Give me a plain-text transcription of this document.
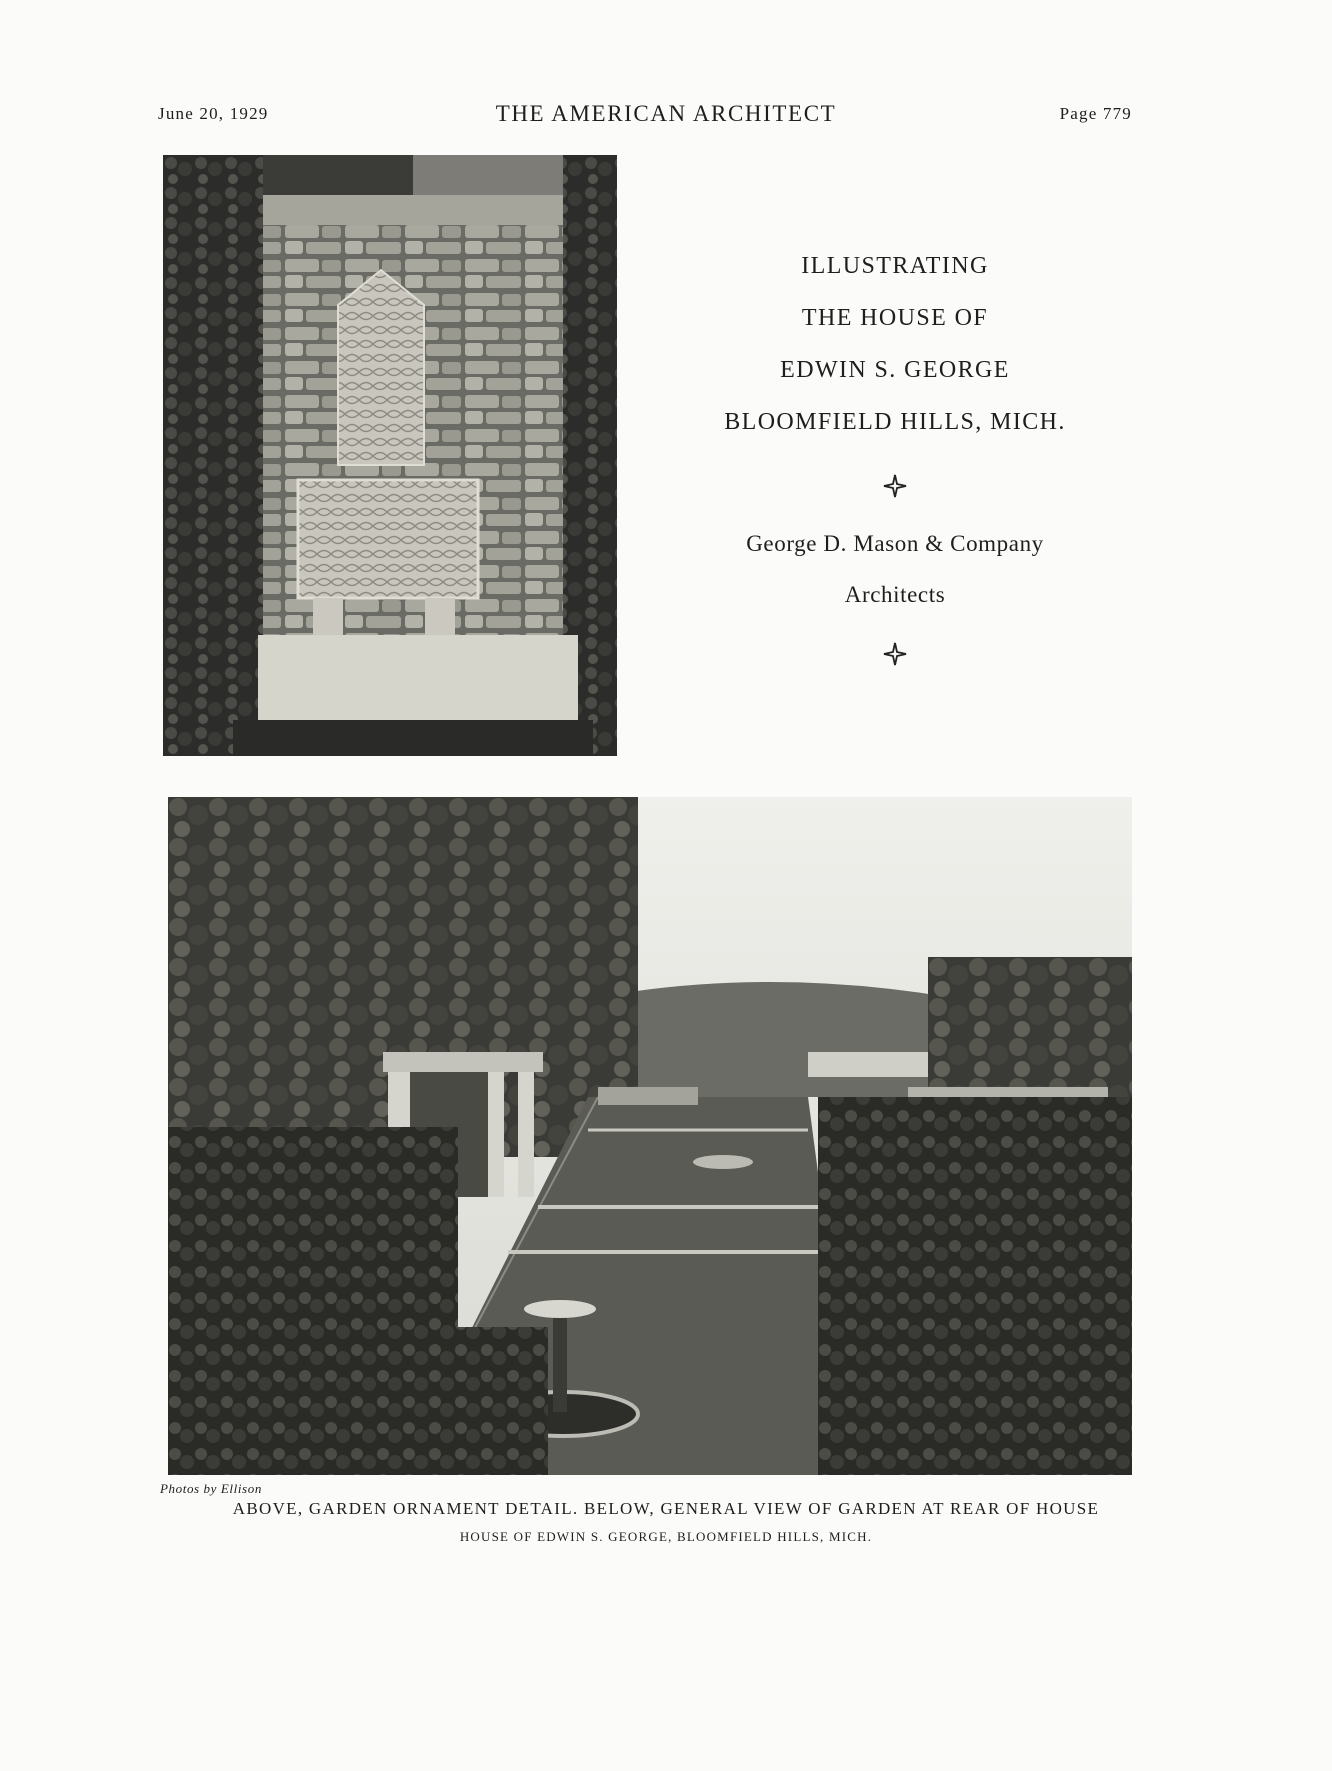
June 20, 1929	THE AMERICAN ARCHITECT	Page 779
ILLUSTRATING
THE HOUSE OF
EDWIN S. GEORGE
BLOOMFIELD HILLS, MICH.
George D. Mason & Company
Architects
Photos by Ellison
ABOVE, GARDEN ORNAMENT DETAIL. BELOW, GENERAL VIEW OF GARDEN AT REAR OF HOUSE
HOUSE OF EDWIN S. GEORGE, BLOOMFIELD HILLS, MICH.
